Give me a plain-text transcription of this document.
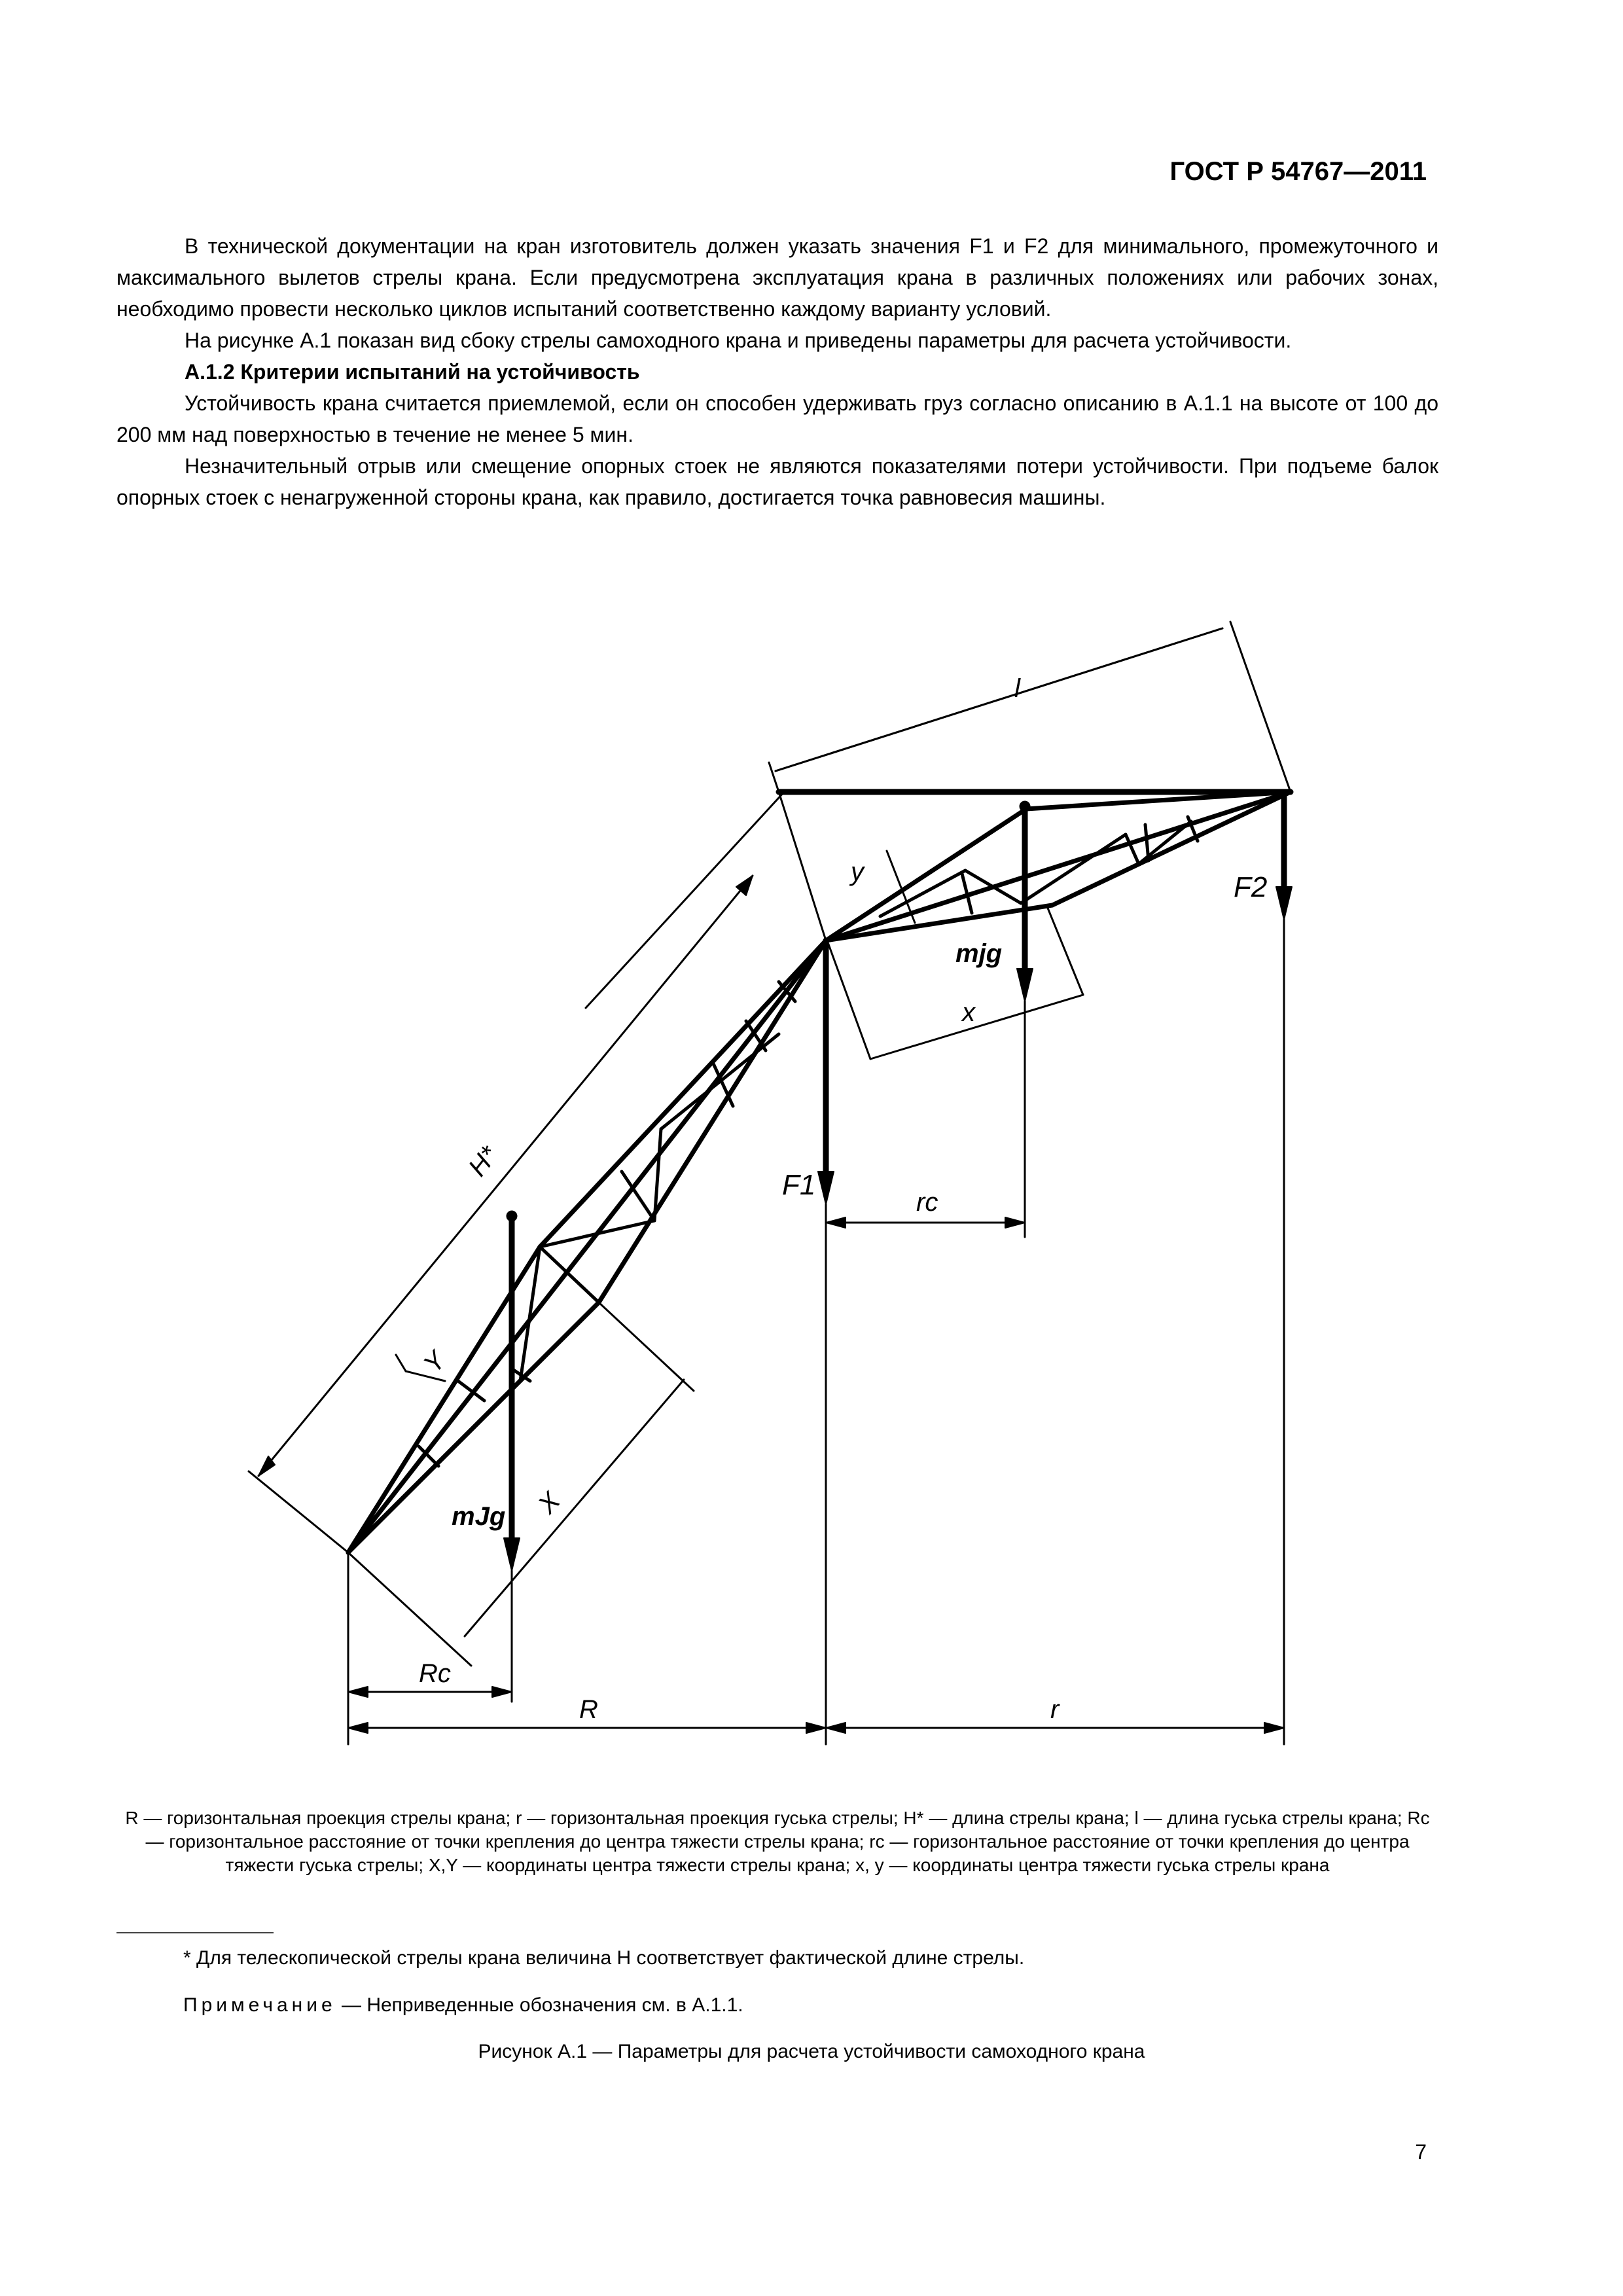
ГОСТ Р 54767—2011

В технической документации на кран изготовитель должен указать значения F1 и F2 для минимального, промежуточного и максимального вылетов стрелы крана. Если предусмотрена эксплуатация крана в различных положениях или рабочих зонах, необходимо провести несколько циклов испытаний соответственно каждому варианту условий.

На рисунке А.1 показан вид сбоку стрелы самоходного крана и приведены параметры для расчета устойчивости.

А.1.2 Критерии испытаний на устойчивость

Устойчивость крана считается приемлемой, если он способен удерживать груз согласно описанию в А.1.1 на высоте от 100 до 200 мм над поверхностью в течение не менее 5 мин.

Незначительный отрыв или смещение опорных стоек не являются показателями потери устойчивости. При подъеме балок опорных стоек с ненагруженной стороны крана, как правило, достигается точка равновесия машины.

l
H*
F1
F2
mjg
mJg X
Y
x
y
rc
Rc
R	r
R — горизонтальная проекция стрелы крана; r — горизонтальная проекция гуська стрелы; H* — длина стрелы крана; l — длина гуська стрелы крана; Rc — горизонтальное расстояние от точки крепления до центра тяжести стрелы крана; rc — горизонтальное расстояние от точки крепления до центра тяжести гуська стрелы; X,Y — координаты центра тяжести стрелы крана; x, y — координаты центра тяжести гуська стрелы крана
* Для телескопической стрелы крана величина H соответствует фактической длине стрелы.
Примечание — Неприведенные обозначения см. в А.1.1.
Рисунок А.1 — Параметры для расчета устойчивости самоходного крана
7
